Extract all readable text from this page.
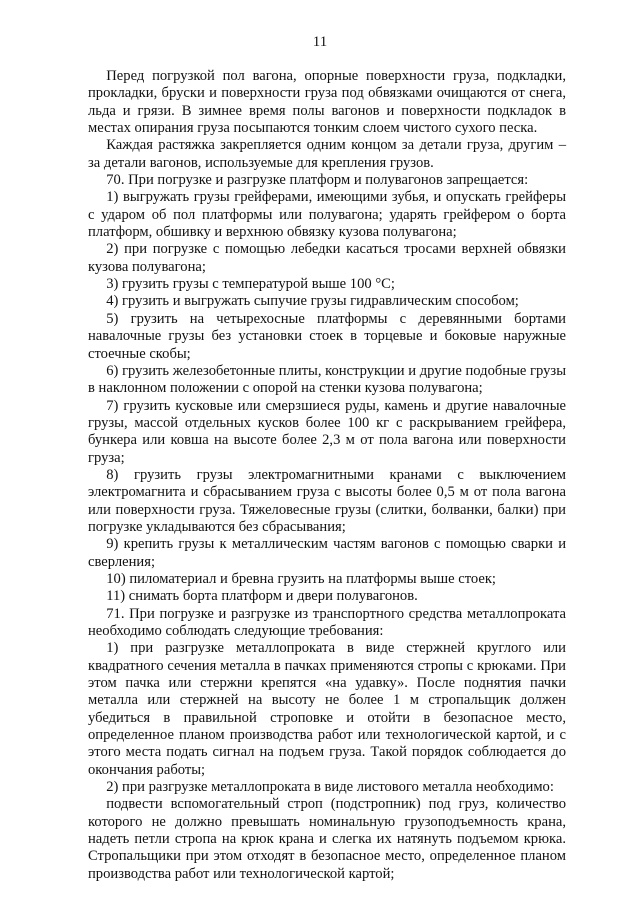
11

Перед погрузкой пол вагона, опорные поверхности груза, подкладки, прокладки, бруски и поверхности груза под обвязками очищаются от снега, льда и грязи. В зимнее время полы вагонов и поверхности подкладок в местах опирания груза посыпаются тонким слоем чистого сухого песка.

Каждая растяжка закрепляется одним концом за детали груза, другим – за детали вагонов, используемые для крепления грузов.

70. При погрузке и разгрузке платформ и полувагонов запрещается:

1) выгружать грузы грейферами, имеющими зубья, и опускать грейферы с ударом об пол платформы или полувагона; ударять грейфером о борта платформ, обшивку и верхнюю обвязку кузова полувагона;

2) при погрузке с помощью лебедки касаться тросами верхней обвязки кузова полувагона;

3) грузить грузы с температурой выше 100 °С;

4) грузить и выгружать сыпучие грузы гидравлическим способом;

5) грузить на четырехосные платформы с деревянными бортами навалочные грузы без установки стоек в торцевые и боковые наружные стоечные скобы;

6) грузить железобетонные плиты, конструкции и другие подобные грузы в наклонном положении с опорой на стенки кузова полувагона;

7) грузить кусковые или смерзшиеся руды, камень и другие навалочные грузы, массой отдельных кусков более 100 кг с раскрыванием грейфера, бункера или ковша на высоте более 2,3 м от пола вагона или поверхности груза;

8) грузить грузы электромагнитными кранами с выключением электромагнита и сбрасыванием груза с высоты более 0,5 м от пола вагона или поверхности груза. Тяжеловесные грузы (слитки, болванки, балки) при погрузке укладываются без сбрасывания;

9) крепить грузы к металлическим частям вагонов с помощью сварки и сверления;

10) пиломатериал и бревна грузить на платформы выше стоек;

11) снимать борта платформ и двери полувагонов.

71. При погрузке и разгрузке из транспортного средства металлопроката необходимо соблюдать следующие требования:

1) при разгрузке металлопроката в виде стержней круглого или квадратного сечения металла в пачках применяются стропы с крюками. При этом пачка или стержни крепятся «на удавку». После поднятия пачки металла или стержней на высоту не более 1 м стропальщик должен убедиться в правильной строповке и отойти в безопасное место, определенное планом производства работ или технологической картой, и с этого места подать сигнал на подъем груза. Такой порядок соблюдается до окончания работы;

2) при разгрузке металлопроката в виде листового металла необходимо:

подвести вспомогательный строп (подстропник) под груз, количество которого не должно превышать номинальную грузоподъемность крана, надеть петли стропа на крюк крана и слегка их натянуть подъемом крюка. Стропальщики при этом отходят в безопасное место, определенное планом производства работ или технологической картой;
